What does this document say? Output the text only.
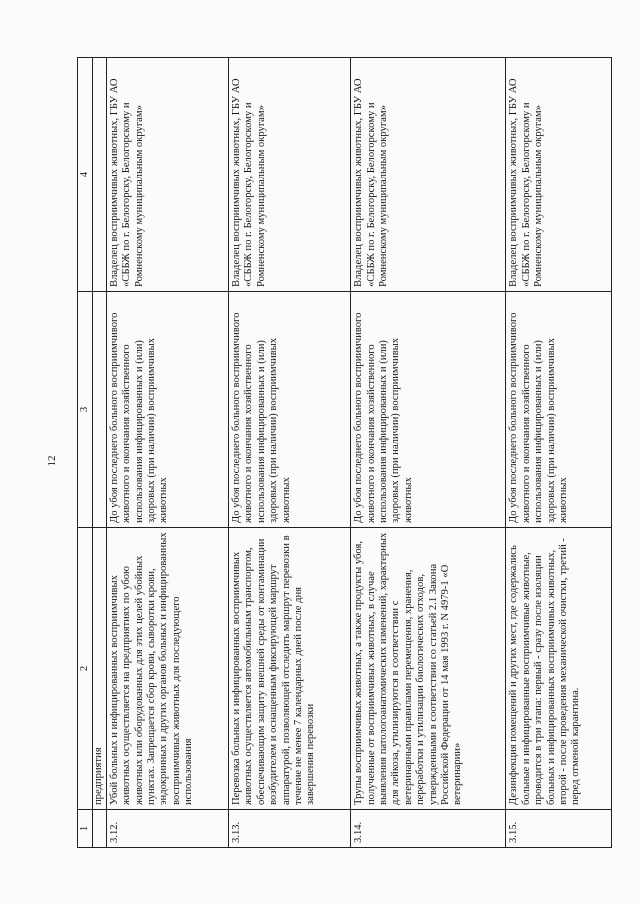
12
1	2	3	4
	предприятия		
3.12.	Убой больных и инфицированных восприимчивых животных осуществляется на предприятиях по убою животных или оборудованных для этих целей убойных пунктах. Запрещается сбор крови, сыворотки крови, эндокринных и других органов больных и инфицированных восприимчивых животных для последующего использования	До убоя последнего больного восприимчивого животного и окончания хозяйственного использования инфицированных и (или) здоровых (при наличии) восприимчивых животных	Владелец восприимчивых животных, ГБУ АО «СББЖ по г. Белогорску, Белогорскому и Ромненскому муниципальным округам»
3.13.	Перевозка больных и инфицированных восприимчивых животных осуществляется автомобильным транспортом, обеспечивающим защиту внешней среды от контаминации возбудителем и оснащенным фиксирующей маршрут аппаратурой, позволяющей отследить маршрут перевозки в течение не менее 7 календарных дней после дня завершения перевозки	До убоя последнего больного восприимчивого животного и окончания хозяйственного использования инфицированных и (или) здоровых (при наличии) восприимчивых животных	Владелец восприимчивых животных, ГБУ АО «СББЖ по г. Белогорску, Белогорскому и Ромненскому муниципальным округам»
3.14.	Трупы восприимчивых животных, а также продукты убоя, полученные от восприимчивых животных, в случае выявления патологоанатомических изменений, характерных для лейкоза, утилизируются в соответствии с ветеринарными правилами перемещения, хранения, переработки и утилизации биологических отходов, утвержденными в соответствии со статьей 2.1 Закона Российской Федерации от 14 мая 1993 г. N 4979-1 «О ветеринарии»	До убоя последнего больного восприимчивого животного и окончания хозяйственного использования инфицированных и (или) здоровых (при наличии) восприимчивых животных	Владелец восприимчивых животных, ГБУ АО «СББЖ по г. Белогорску, Белогорскому и Ромненскому муниципальным округам»
3.15.	Дезинфекция помещений и других мест, где содержались больные и инфицированные восприимчивые животные, проводится в три этапа: первый - сразу после изоляции больных и инфицированных восприимчивых животных, второй - после проведения механической очистки, третий - перед отменой карантина.	До убоя последнего больного восприимчивого животного и окончания хозяйственного использования инфицированных и (или) здоровых (при наличии) восприимчивых животных	Владелец восприимчивых животных, ГБУ АО «СББЖ по г. Белогорску, Белогорскому и Ромненскому муниципальным округам»
